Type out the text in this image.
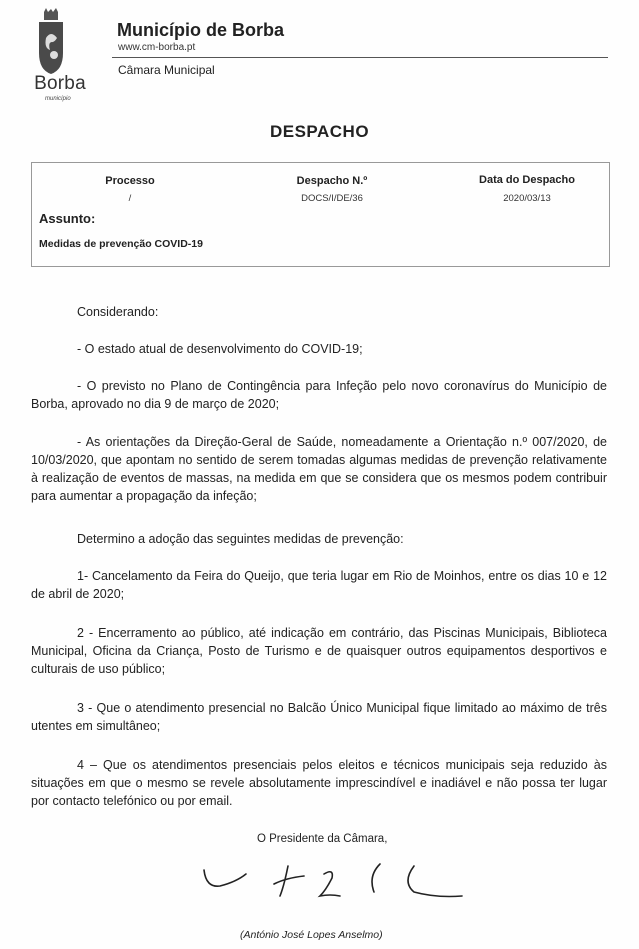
Borba
município
Município de Borba
www.cm-borba.pt
Câmara Municipal
DESPACHO
Processo
/
Despacho N.º
DOCS/I/DE/36
Data do Despacho
2020/03/13
Assunto:
Medidas de prevenção COVID-19

Considerando:

- O estado atual de desenvolvimento do COVID-19;

- O previsto no Plano de Contingência para Infeção pelo novo coronavírus do Município de Borba, aprovado no dia 9 de março de 2020;

- As orientações da Direção-Geral de Saúde, nomeadamente a Orientação n.º 007/2020, de 10/03/2020, que apontam no sentido de serem tomadas algumas medidas de prevenção relativamente à realização de eventos de massas, na medida em que se considera que os mesmos podem contribuir para aumentar a propagação da infeção;

Determino a adoção das seguintes medidas de prevenção:

1- Cancelamento da Feira do Queijo, que teria lugar em Rio de Moinhos, entre os dias 10 e 12 de abril de 2020;

2 - Encerramento ao público, até indicação em contrário, das Piscinas Municipais, Biblioteca Municipal, Oficina da Criança, Posto de Turismo e de quaisquer outros equipamentos desportivos e culturais de uso público;

3 - Que o atendimento presencial no Balcão Único Municipal fique limitado ao máximo de três utentes em simultâneo;

4 – Que os atendimentos presenciais pelos eleitos e técnicos municipais seja reduzido às situações em que o mesmo se revele absolutamente imprescindível e inadiável e não possa ter lugar por contacto telefónico ou por email.

O Presidente da Câmara,
(António José Lopes Anselmo)
